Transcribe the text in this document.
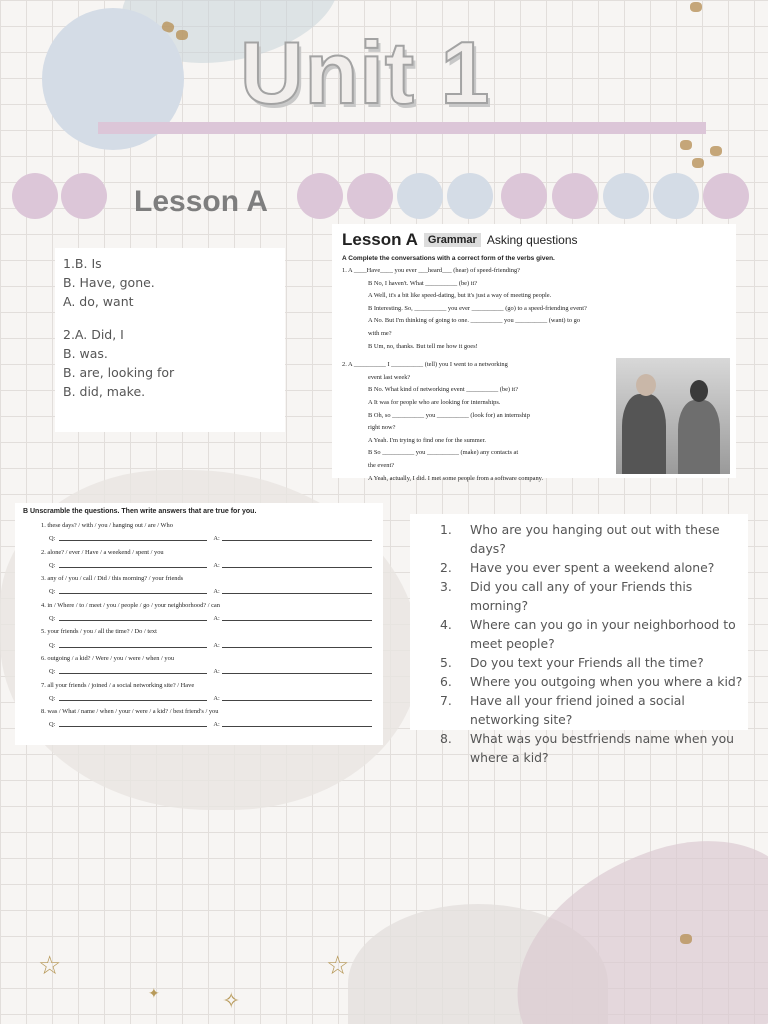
Unit 1
Lesson A
1.B. Is
B. Have, gone.
A. do, want
2.A. Did, I
B. was.
B. are, looking for
B. did, make.
Lesson A Grammar Asking questions
A Complete the conversations with a correct form of the verbs given.
1. A ____Have____ you ever ___heard___ (hear) of speed-friending?
B No, I haven't. What __________ (be) it?
A Well, it's a bit like speed-dating, but it's just a way of meeting people.
B Interesting. So, __________ you ever __________ (go) to a speed-friending event?
A No. But I'm thinking of going to one. __________ you __________ (want) to go
with me?
B Um, no, thanks. But tell me how it goes!
2. A __________ I __________ (tell) you I went to a networking
event last week?
B No. What kind of networking event __________ (be) it?
A It was for people who are looking for internships.
B Oh, so __________ you __________ (look for) an internship
right now?
A Yeah. I'm trying to find one for the summer.
B So __________ you __________ (make) any contacts at
the event?
A Yeah, actually, I did. I met some people from a software company.
B Unscramble the questions. Then write answers that are true for you.
1. these days? / with / you / hanging out / are / Who
Q:	A:
2. alone? / ever / Have / a weekend / spent / you
Q:	A:
3. any of / you / call / Did / this morning? / your friends
Q:	A:
4. in / Where / to / meet / you / people / go / your neighborhood? / can
Q:	A:
5. your friends / you / all the time? / Do / text
Q:	A:
6. outgoing / a kid? / Were / you / were / when / you
Q:	A:
7. all your friends / joined / a social networking site? / Have
Q:	A:
8. was / What / name / when / your / were / a kid? / best friend's / you
Q:	A:
1.	Who are you hanging out out with these days?
2.	Have you ever spent a weekend alone?
3.	Did you call any of your Friends this morning?
4.	Where can you go in your neighborhood to meet people?
5.	Do you text your Friends all the time?
6.	Where you outgoing when you where a kid?
7.	Have all your friend joined a social networking site?
8.	What was you bestfriends name when you where a kid?
☆	☆
✧
✦
